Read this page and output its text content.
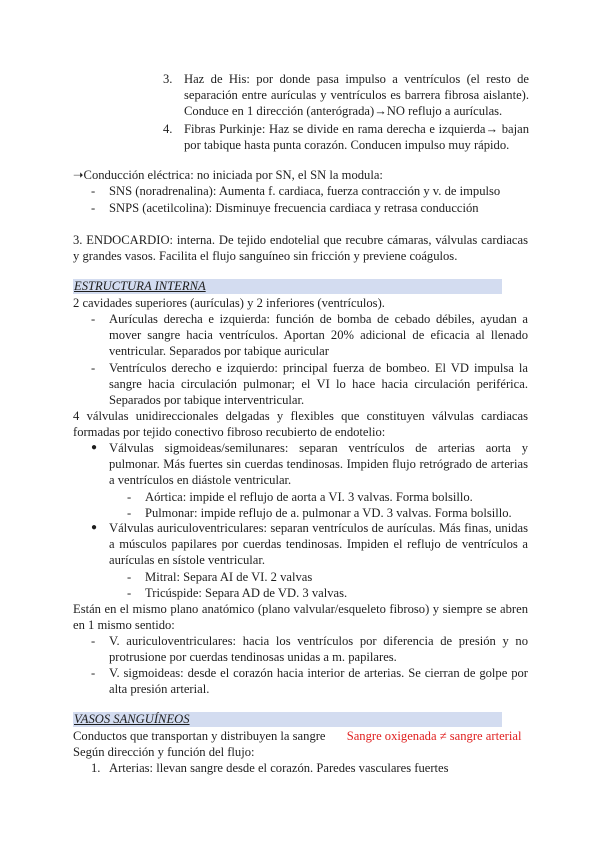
3. Haz de His: por donde pasa impulso a ventrículos (el resto de separación entre aurículas y ventrículos es barrera fibrosa aislante). Conduce en 1 dirección (anterógrada)→NO reflujo a aurículas.
4. Fibras Purkinje: Haz se divide en rama derecha e izquierda→ bajan por tabique hasta punta corazón. Conducen impulso muy rápido.
➝Conducción eléctrica: no iniciada por SN, el SN la modula:
- SNS (noradrenalina): Aumenta f. cardiaca, fuerza contracción y v. de impulso
- SNPS (acetilcolina): Disminuye frecuencia cardiaca y retrasa conducción
3. ENDOCARDIO: interna. De tejido endotelial que recubre cámaras, válvulas cardiacas y grandes vasos. Facilita el flujo sanguíneo sin fricción y previene coágulos.
ESTRUCTURA INTERNA
2 cavidades superiores (aurículas) y 2 inferiores (ventrículos).
- Aurículas derecha e izquierda: función de bomba de cebado débiles, ayudan a mover sangre hacia ventrículos. Aportan 20% adicional de eficacia al llenado ventricular. Separados por tabique auricular
- Ventrículos derecho e izquierdo: principal fuerza de bombeo. El VD impulsa la sangre hacia circulación pulmonar; el VI lo hace hacia circulación periférica. Separados por tabique interventricular.
4 válvulas unidireccionales delgadas y flexibles que constituyen válvulas cardiacas formadas por tejido conectivo fibroso recubierto de endotelio:
● Válvulas sigmoideas/semilunares: separan ventrículos de arterias aorta y pulmonar. Más fuertes sin cuerdas tendinosas. Impiden flujo retrógrado de arterias a ventrículos en diástole ventricular.
- Aórtica: impide el reflujo de aorta a VI. 3 valvas. Forma bolsillo.
- Pulmonar: impide reflujo de a. pulmonar a VD. 3 valvas. Forma bolsillo.
● Válvulas auriculoventriculares: separan ventrículos de aurículas. Más finas, unidas a músculos papilares por cuerdas tendinosas. Impiden el reflujo de ventrículos a aurículas en sístole ventricular.
- Mitral: Separa AI de VI. 2 valvas
- Tricúspide: Separa AD de VD. 3 valvas.
Están en el mismo plano anatómico (plano valvular/esqueleto fibroso) y siempre se abren en 1 mismo sentido:
- V. auriculoventriculares: hacia los ventrículos por diferencia de presión y no protrusione por cuerdas tendinosas unidas a m. papilares.
- V. sigmoideas: desde el corazón hacia interior de arterias. Se cierran de golpe por alta presión arterial.
VASOS SANGUÍNEOS
Conductos que transportan y distribuyen la sangre Sangre oxigenada ≠ sangre arterial
Según dirección y función del flujo:
1. Arterias: llevan sangre desde el corazón. Paredes vasculares fuertes
